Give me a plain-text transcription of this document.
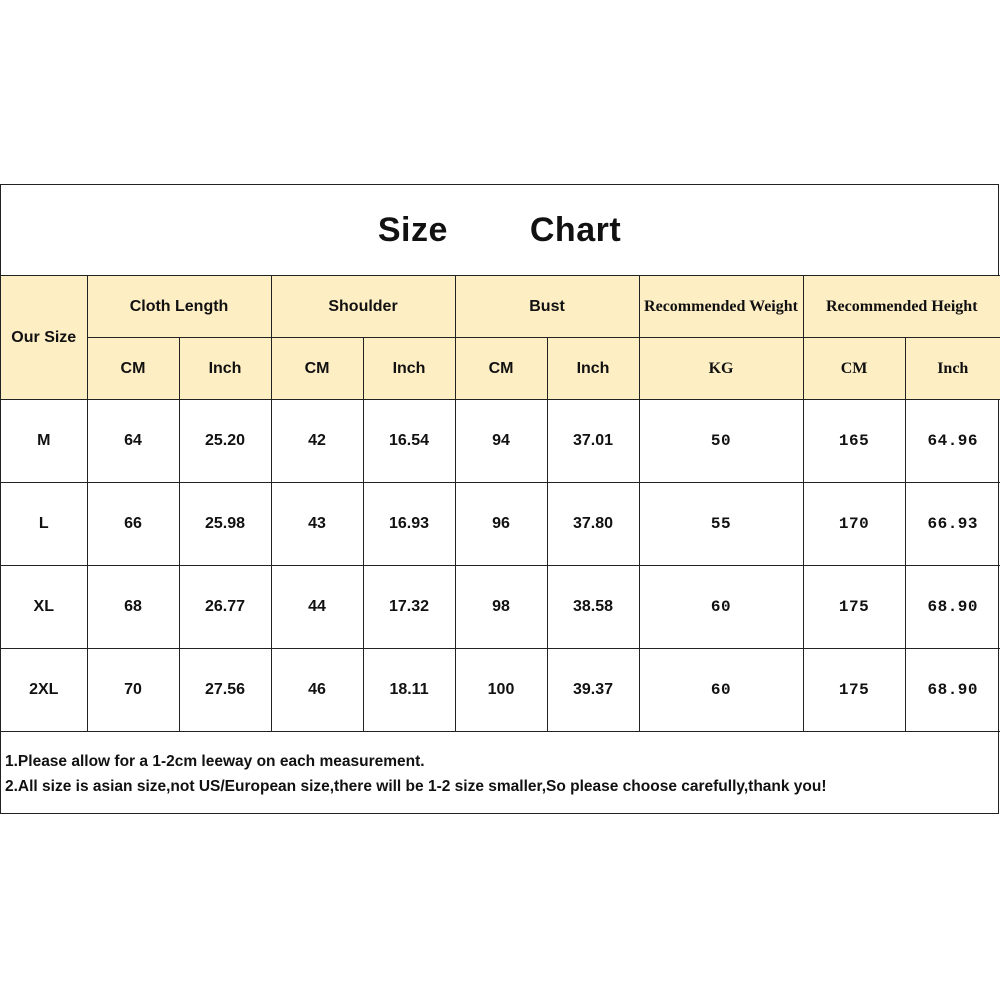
Size Chart
Our Size	Cloth Length		Shoulder		Bust		Recommended Weight	Recommended Height	
	CM	Inch	CM	Inch	CM	Inch	KG	CM	Inch
M	64	25.20	42	16.54	94	37.01	50	165	64.96
L	66	25.98	43	16.93	96	37.80	55	170	66.93
XL	68	26.77	44	17.32	98	38.58	60	175	68.90
2XL	70	27.56	46	18.11	100	39.37	60	175	68.90
1.Please allow for a 1-2cm leeway on each measurement.
2.All size is asian size,not US/European size,there will be 1-2 size smaller,So please choose carefully,thank you!
